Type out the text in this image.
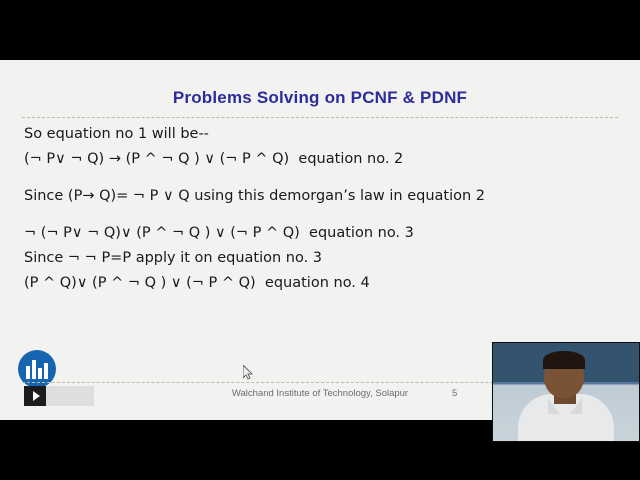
Problems Solving on PCNF & PDNF
So equation no 1 will be--
(¬ P∨ ¬ Q) → (P ^ ¬ Q ) ∨ (¬ P ^ Q)  equation no. 2
Since (P→ Q)= ¬ P ∨ Q using this demorgan’s law in equation 2
¬ (¬ P∨ ¬ Q)∨ (P ^ ¬ Q ) ∨ (¬ P ^ Q)  equation no. 3
Since ¬ ¬ P=P apply it on equation no. 3
(P ^ Q)∨ (P ^ ¬ Q ) ∨ (¬ P ^ Q)  equation no. 4
Walchand Institute of Technology, Solapur	5
